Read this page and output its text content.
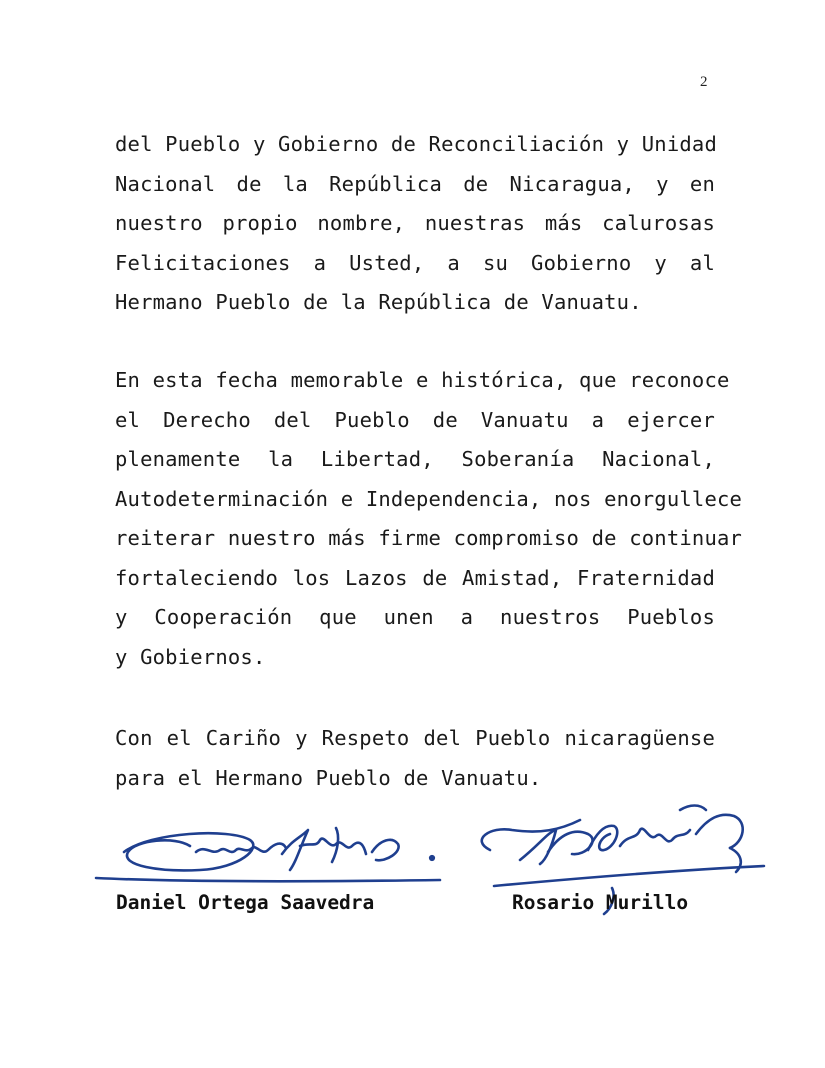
2
del Pueblo y Gobierno de Reconciliación y Unidad
Nacional de la República de Nicaragua, y en
nuestro propio nombre, nuestras más calurosas
Felicitaciones a Usted, a su Gobierno y al
Hermano Pueblo de la República de Vanuatu.
En esta fecha memorable e histórica, que reconoce
el Derecho del Pueblo de Vanuatu a ejercer
plenamente la Libertad, Soberanía Nacional,
Autodeterminación e Independencia, nos enorgullece
reiterar nuestro más firme compromiso de continuar
fortaleciendo los Lazos de Amistad, Fraternidad
y Cooperación que unen a nuestros Pueblos
y Gobiernos.
Con el Cariño y Respeto del Pueblo nicaragüense
para el Hermano Pueblo de Vanuatu.
Daniel Ortega Saavedra	Rosario Murillo
